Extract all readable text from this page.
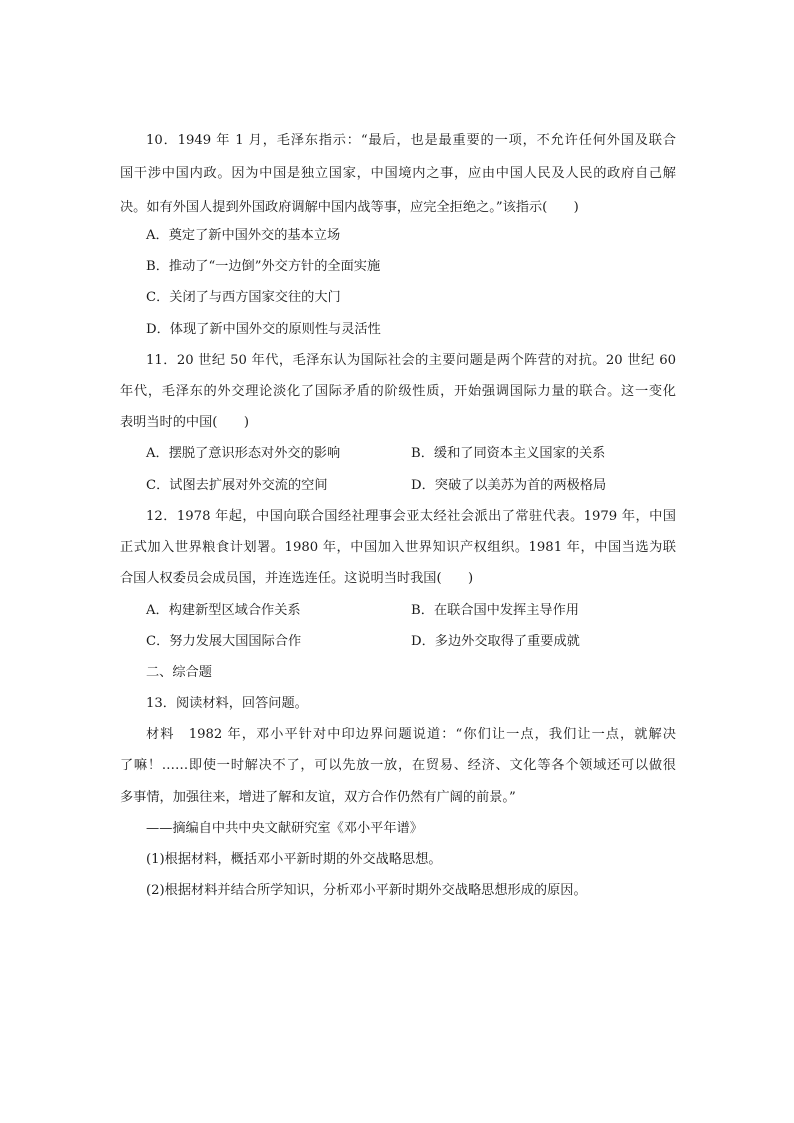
10．1949 年 1 月，毛泽东指示：“最后，也是最重要的一项，不允许任何外国及联合
国干涉中国内政。因为中国是独立国家，中国境内之事，应由中国人民及人民的政府自己解
决。如有外国人提到外国政府调解中国内战等事，应完全拒绝之。”该指示(　　)
A．奠定了新中国外交的基本立场
B．推动了“一边倒”外交方针的全面实施
C．关闭了与西方国家交往的大门
D．体现了新中国外交的原则性与灵活性
11．20 世纪 50 年代，毛泽东认为国际社会的主要问题是两个阵营的对抗。20 世纪 60
年代，毛泽东的外交理论淡化了国际矛盾的阶级性质，开始强调国际力量的联合。这一变化
表明当时的中国(　　)
A．摆脱了意识形态对外交的影响	B．缓和了同资本主义国家的关系
C．试图去扩展对外交流的空间	D．突破了以美苏为首的两极格局
12．1978 年起，中国向联合国经社理事会亚太经社会派出了常驻代表。1979 年，中国
正式加入世界粮食计划署。1980 年，中国加入世界知识产权组织。1981 年，中国当选为联
合国人权委员会成员国，并连选连任。这说明当时我国(　　)
A．构建新型区域合作关系	B．在联合国中发挥主导作用
C．努力发展大国国际合作	D．多边外交取得了重要成就
二、综合题
13．阅读材料，回答问题。
材料　1982 年，邓小平针对中印边界问题说道：“你们让一点，我们让一点，就解决
了嘛！……即使一时解决不了，可以先放一放，在贸易、经济、文化等各个领域还可以做很
多事情，加强往来，增进了解和友谊，双方合作仍然有广阔的前景。”
——摘编自中共中央文献研究室《邓小平年谱》
(1)根据材料，概括邓小平新时期的外交战略思想。
(2)根据材料并结合所学知识，分析邓小平新时期外交战略思想形成的原因。
